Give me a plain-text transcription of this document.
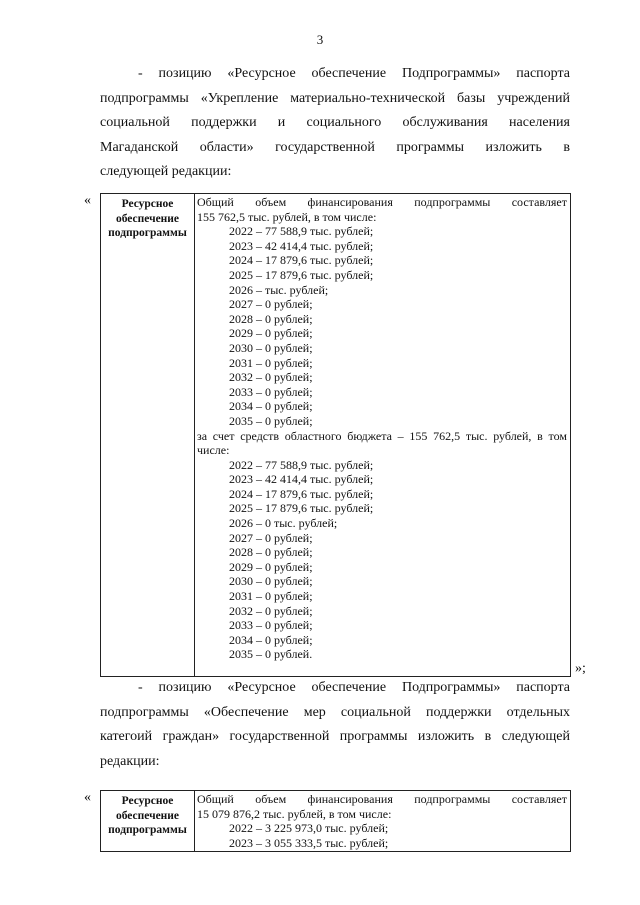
3
- позицию «Ресурсное обеспечение Подпрограммы» паспорта
подпрограммы «Укрепление материально-технической базы учреждений
социальной поддержки и социального обслуживания населения
Магаданской области» государственной программы изложить в
следующей редакции:
«	Ресурсное
обеспечение
подпрограммы
Общий объем финансирования подпрограммы составляет
155 762,5 тыс. рублей, в том числе:
2022 – 77 588,9 тыс. рублей;
2023 – 42 414,4 тыс. рублей;
2024 – 17 879,6 тыс. рублей;
2025 – 17 879,6 тыс. рублей;
2026 – тыс. рублей;
2027 – 0 рублей;
2028 – 0 рублей;
2029 – 0 рублей;
2030 – 0 рублей;
2031 – 0 рублей;
2032 – 0 рублей;
2033 – 0 рублей;
2034 – 0 рублей;
2035 – 0 рублей;
за счет средств областного бюджета – 155 762,5 тыс. рублей, в том
числе:
2022 – 77 588,9 тыс. рублей;
2023 – 42 414,4 тыс. рублей;
2024 – 17 879,6 тыс. рублей;
2025 – 17 879,6 тыс. рублей;
2026 – 0 тыс. рублей;
2027 – 0 рублей;
2028 – 0 рублей;
2029 – 0 рублей;
2030 – 0 рублей;
2031 – 0 рублей;
2032 – 0 рублей;
2033 – 0 рублей;
2034 – 0 рублей;
2035 – 0 рублей.
»;
- позицию «Ресурсное обеспечение Подпрограммы» паспорта
подпрограммы «Обеспечение мер социальной поддержки отдельных
категоий граждан» государственной программы изложить в следующей
редакции:
«	Ресурсное
обеспечение
подпрограммы
Общий объем финансирования подпрограммы составляет
15 079 876,2 тыс. рублей, в том числе:
2022 – 3 225 973,0 тыс. рублей;
2023 – 3 055 333,5 тыс. рублей;
